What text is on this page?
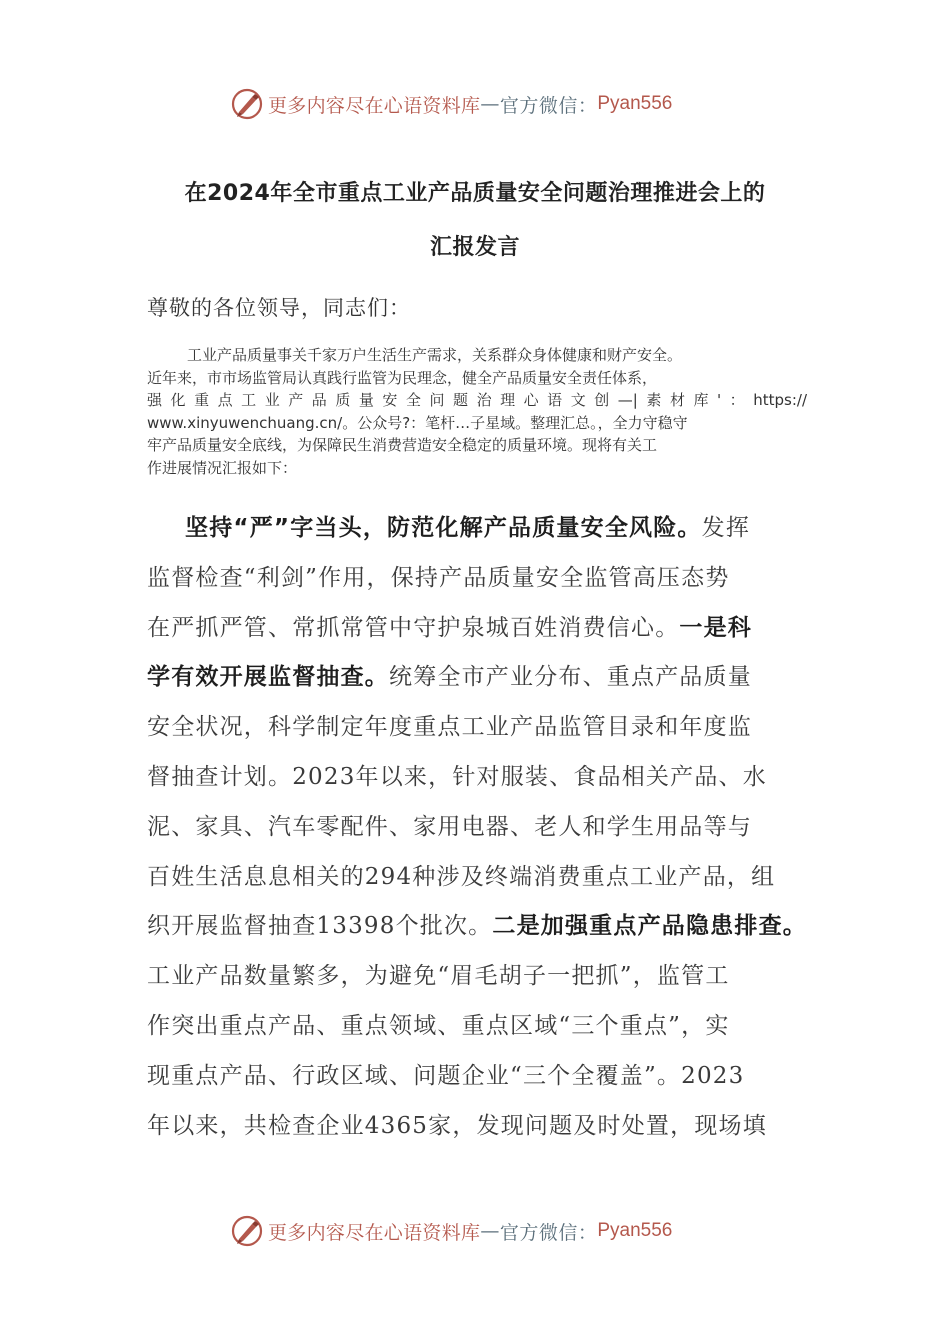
更多内容尽在心语资料库 — 官方微信： Pyan556
在2024年全市重点工业产品质量安全问题治理推进会上的
汇报发言
尊敬的各位领导，同志们：
工业产品质量事关千家万户生活生产需求，关系群众身体健康和财产安全。
近年来，市市场监管局认真践行监管为民理念，健全产品质量安全责任体系，
强化重点工业产品质量安全问题治理心语文创—|素材库'：https://
www.xinyuwenchuang.cn/。公众号?：笔杆…子星域。整理汇总。，全力守稳守
牢产品质量安全底线，为保障民生消费营造安全稳定的质量环境。现将有关工
作进展情况汇报如下：
坚持“严”字当头，防范化解产品质量安全风险。发挥
监督检查“利剑”作用，保持产品质量安全监管高压态势
在严抓严管、常抓常管中守护泉城百姓消费信心。一是科
学有效开展监督抽查。统筹全市产业分布、重点产品质量
安全状况，科学制定年度重点工业产品监管目录和年度监
督抽查计划。2023年以来，针对服装、食品相关产品、水
泥、家具、汽车零配件、家用电器、老人和学生用品等与
百姓生活息息相关的294种涉及终端消费重点工业产品，组
织开展监督抽查13398个批次。二是加强重点产品隐患排查。
工业产品数量繁多，为避免“眉毛胡子一把抓”，监管工
作突出重点产品、重点领域、重点区域“三个重点”，实
现重点产品、行政区域、问题企业“三个全覆盖”。2023
年以来，共检查企业4365家，发现问题及时处置，现场填
更多内容尽在心语资料库 — 官方微信： Pyan556
